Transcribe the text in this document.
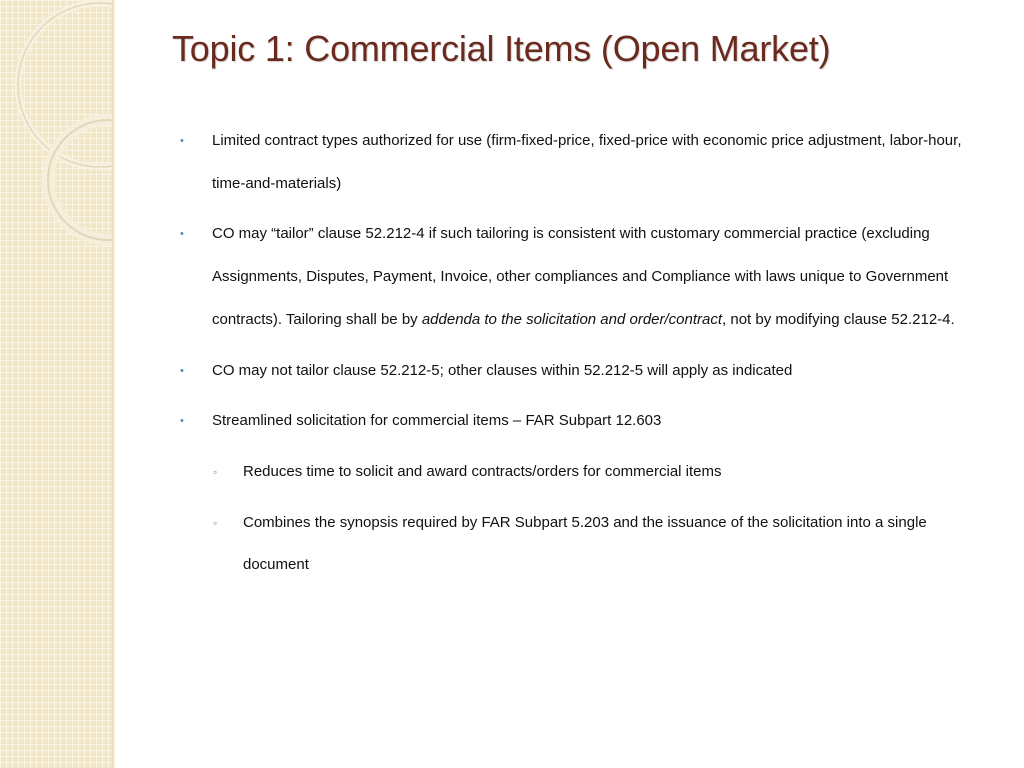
Topic 1: Commercial Items (Open Market)
• Limited contract types authorized for use (firm-fixed-price, fixed-price with economic price adjustment, labor-hour, time-and-materials)
• CO may “tailor” clause 52.212-4 if such tailoring is consistent with customary commercial practice (excluding Assignments, Disputes, Payment, Invoice, other compliances and Compliance with laws unique to Government contracts). Tailoring shall be by addenda to the solicitation and order/contract, not by modifying clause 52.212-4.
• CO may not tailor clause 52.212-5; other clauses within 52.212-5 will apply as indicated
• Streamlined solicitation for commercial items – FAR Subpart 12.603
◦ Reduces time to solicit and award contracts/orders for commercial items
◦ Combines the synopsis required by FAR Subpart 5.203 and the issuance of the solicitation into a single document
